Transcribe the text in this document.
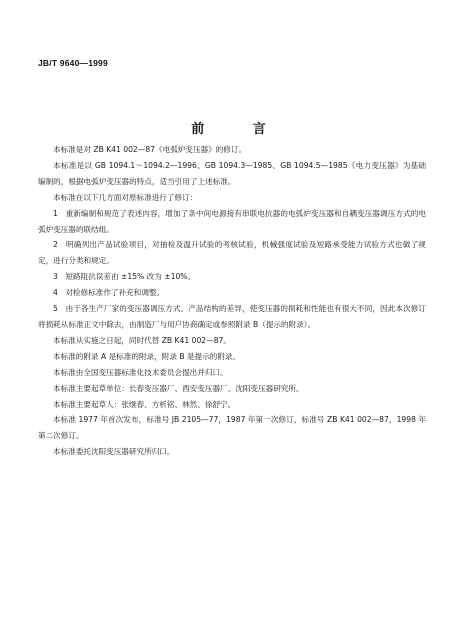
JB/T 9640—1999
前 言

本标准是对 ZB K41 002—87《电弧炉变压器》的修订。

本标准是以 GB 1094.1～1094.2—1996、GB 1094.3—1985、GB 1094.5—1985《电力变压器》为基础编制的，根据电弧炉变压器的特点，适当引用了上述标准。

本标准在以下几方面对原标准进行了修订：

1　重新编制和规范了表述内容，增加了条中间电源接有串联电抗器的电弧炉变压器和自耦变压器调压方式的电弧炉变压器的联结组。

2　明确列出产品试验项目，对抽检及温升试验的考核试验，机械强度试验及短路承受能力试验方式也做了规定，进行分类和规定。

3　短路阻抗误差由 ±15% 改为 ±10%。

4　对检修标准作了补充和调整。

5　由于各生产厂家的变压器调压方式、产品结构的差异，使变压器的损耗和性能也有很大不同，因此本次修订将损耗从标准正文中除去，由制造厂与用户协商确定或参照附录 B（提示的附录）。

本标准从实施之日起，同时代替 ZB K41 002—87。

本标准的附录 A 是标准的附录，附录 B 是提示的附录。

本标准由全国变压器标准化技术委员会提出并归口。

本标准主要起草单位：长春变压器厂、西安变压器厂、沈阳变压器研究所。

本标准主要起草人：张继春、方析铭、林然、徐舒宁。

本标准 1977 年首次发布，标准号 JB 2105—77，1987 年第一次修订，标准号 ZB K41 002—87，1998 年第二次修订。

本标准委托沈阳变压器研究所归口。
